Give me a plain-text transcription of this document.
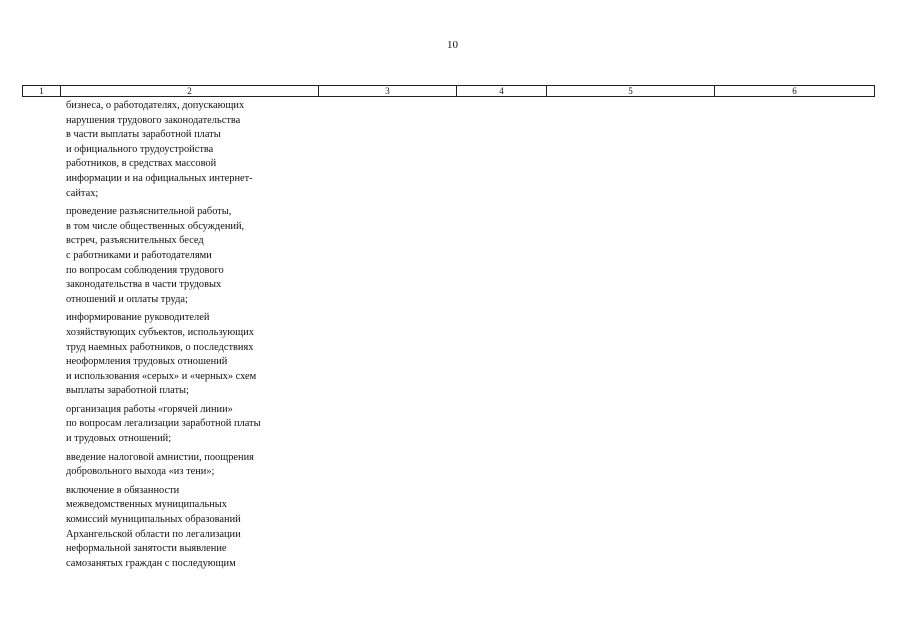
10
1	2	3	4	5	6

бизнеса, о работодателях, допускающих
нарушения трудового законодательства
в части выплаты заработной платы
и официального трудоустройства
работников, в средствах массовой
информации и на официальных интернет-
сайтах;

проведение разъяснительной работы,
в том числе общественных обсуждений,
встреч, разъяснительных бесед
с работниками и работодателями
по вопросам соблюдения трудового
законодательства в части трудовых
отношений и оплаты труда;

информирование руководителей
хозяйствующих субъектов, использующих
труд наемных работников, о последствиях
неоформления трудовых отношений
и использования «серых» и «черных» схем
выплаты заработной платы;

организация работы «горячей линии»
по вопросам легализации заработной платы
и трудовых отношений;

введение налоговой амнистии, поощрения
добровольного выхода «из тени»;

включение в обязанности
межведомственных муниципальных
комиссий муниципальных образований
Архангельской области по легализации
неформальной занятости выявление
самозанятых граждан с последующим
